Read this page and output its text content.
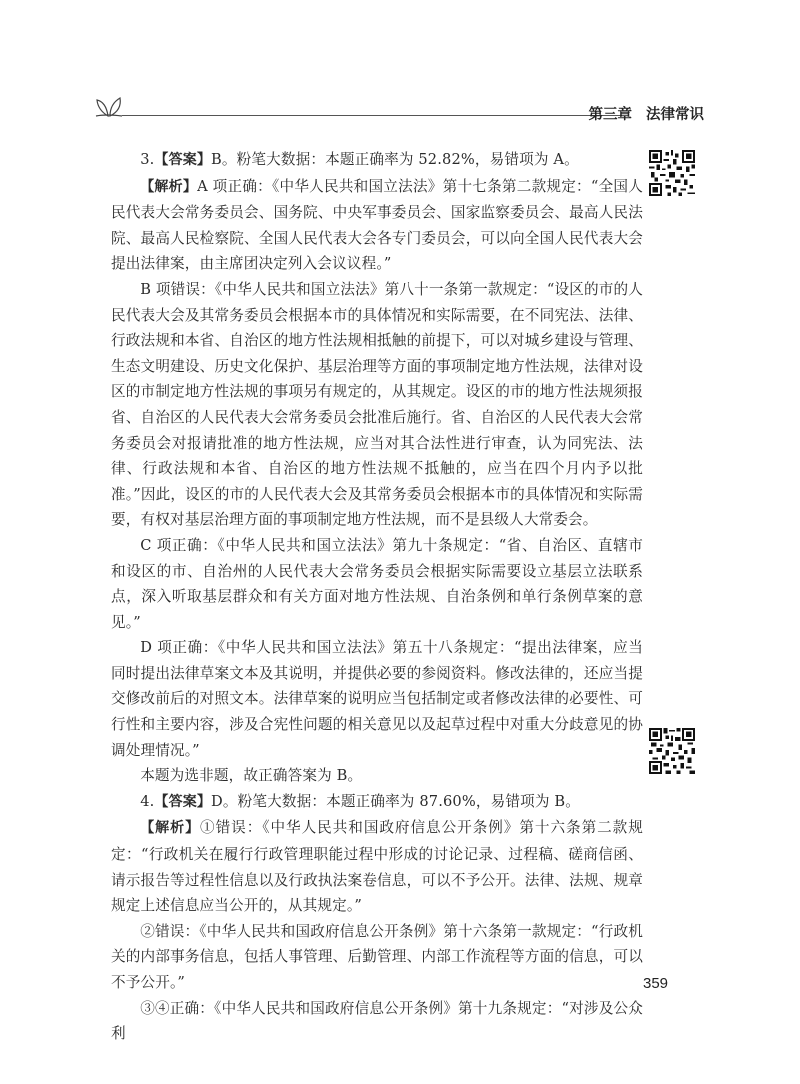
第三章 法律常识

3.【答案】B。粉笔大数据：本题正确率为 52.82%，易错项为 A。

【解析】A 项正确：《中华人民共和国立法法》第十七条第二款规定：“全国人民代表大会常务委员会、国务院、中央军事委员会、国家监察委员会、最高人民法院、最高人民检察院、全国人民代表大会各专门委员会，可以向全国人民代表大会提出法律案，由主席团决定列入会议议程。”

B 项错误：《中华人民共和国立法法》第八十一条第一款规定：“设区的市的人民代表大会及其常务委员会根据本市的具体情况和实际需要，在不同宪法、法律、行政法规和本省、自治区的地方性法规相抵触的前提下，可以对城乡建设与管理、生态文明建设、历史文化保护、基层治理等方面的事项制定地方性法规，法律对设区的市制定地方性法规的事项另有规定的，从其规定。设区的市的地方性法规须报省、自治区的人民代表大会常务委员会批准后施行。省、自治区的人民代表大会常务委员会对报请批准的地方性法规，应当对其合法性进行审查，认为同宪法、法律、行政法规和本省、自治区的地方性法规不抵触的，应当在四个月内予以批准。”因此，设区的市的人民代表大会及其常务委员会根据本市的具体情况和实际需要，有权对基层治理方面的事项制定地方性法规，而不是县级人大常委会。

C 项正确：《中华人民共和国立法法》第九十条规定：“省、自治区、直辖市和设区的市、自治州的人民代表大会常务委员会根据实际需要设立基层立法联系点，深入听取基层群众和有关方面对地方性法规、自治条例和单行条例草案的意见。”

D 项正确：《中华人民共和国立法法》第五十八条规定：“提出法律案，应当同时提出法律草案文本及其说明，并提供必要的参阅资料。修改法律的，还应当提交修改前后的对照文本。法律草案的说明应当包括制定或者修改法律的必要性、可行性和主要内容，涉及合宪性问题的相关意见以及起草过程中对重大分歧意见的协调处理情况。”

本题为选非题，故正确答案为 B。

4.【答案】D。粉笔大数据：本题正确率为 87.60%，易错项为 B。

【解析】①错误：《中华人民共和国政府信息公开条例》第十六条第二款规定：“行政机关在履行行政管理职能过程中形成的讨论记录、过程稿、磋商信函、请示报告等过程性信息以及行政执法案卷信息，可以不予公开。法律、法规、规章规定上述信息应当公开的，从其规定。”

②错误：《中华人民共和国政府信息公开条例》第十六条第一款规定：“行政机关的内部事务信息，包括人事管理、后勤管理、内部工作流程等方面的信息，可以不予公开。”

③④正确：《中华人民共和国政府信息公开条例》第十九条规定：“对涉及公众利

359
